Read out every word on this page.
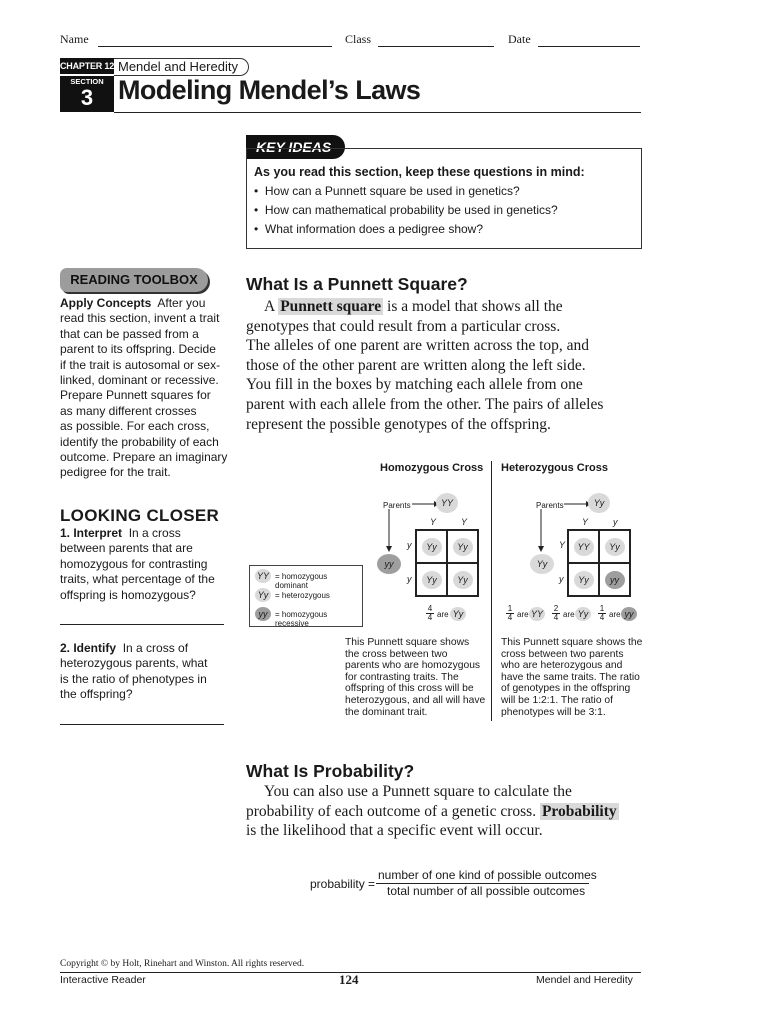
Name	Class	Date
CHAPTER 12 Mendel and Heredity
SECTION
3 Modeling Mendel’s Laws
KEY IDEAS
As you read this section, keep these questions in mind:
•  How can a Punnett square be used in genetics?
•  How can mathematical probability be used in genetics?
•  What information does a pedigree show?
READING TOOLBOX
Apply Concepts After you
read this section, invent a trait
that can be passed from a
parent to its offspring. Decide
if the trait is autosomal or sex-
linked, dominant or recessive.
Prepare Punnett squares for
as many different crosses
as possible. For each cross,
identify the probability of each
outcome. Prepare an imaginary
pedigree for the trait.
LOOKING CLOSER
1. Interpret In a cross
between parents that are
homozygous for contrasting
traits, what percentage of the
offspring is homozygous?
2. Identify In a cross of
heterozygous parents, what
is the ratio of phenotypes in
the offspring?
What Is a Punnett Square?
A Punnett square is a model that shows all the
genotypes that could result from a particular cross.
The alleles of one parent are written across the top, and
those of the other parent are written along the left side.
You fill in the boxes by matching each allele from one
parent with each allele from the other. The pairs of alleles
represent the possible genotypes of the offspring.
Homozygous Cross Heterozygous Cross
YY = homozygous dominant
Yy = heterozygous
yy = homozygous recessive
Parents	YY
yy
Y	Y
y
y
Yy	Yy
Yy	Yy
4
4 are Yy
Parents	Yy
Yy
Y	y
Y
y
YY	Yy
Yy	yy
1
4 are YY
2
4 are Yy
1
4 are yy
This Punnett square shows
the cross between two
parents who are homozygous
for contrasting traits. The
offspring of this cross will be
heterozygous, and all will have
the dominant trait.
This Punnett square shows the
cross between two parents
who are heterozygous and
have the same traits. The ratio
of genotypes in the offspring
will be 1:2:1. The ratio of
phenotypes will be 3:1.
What Is Probability?
You can also use a Punnett square to calculate the
probability of each outcome of a genetic cross. Probability
is the likelihood that a specific event will occur.
probability =
number of one kind of possible outcomes
total number of all possible outcomes
Copyright © by Holt, Rinehart and Winston. All rights reserved.
Interactive Reader	124	Mendel and Heredity
